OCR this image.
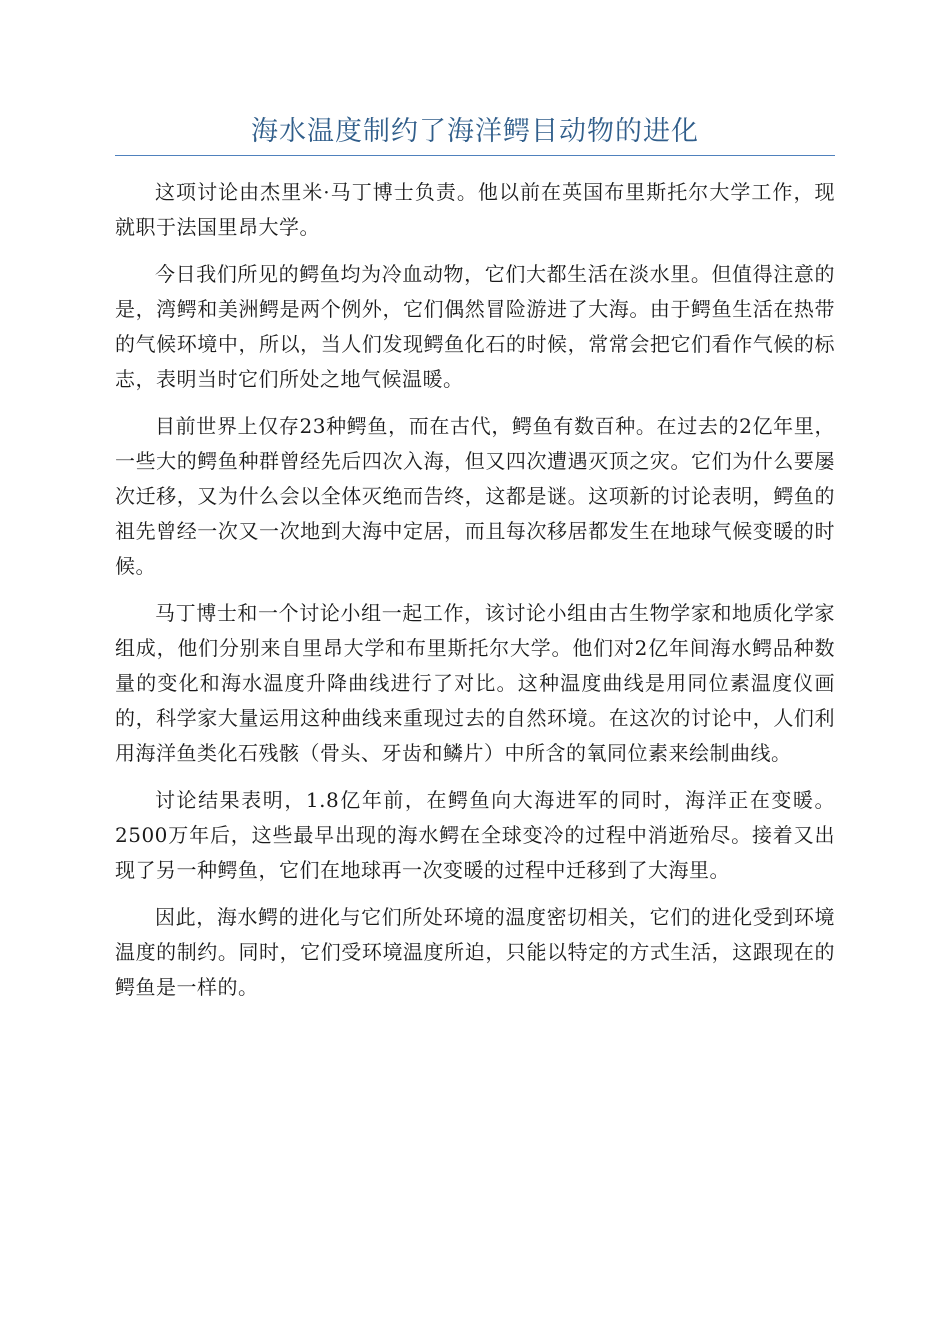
海水温度制约了海洋鳄目动物的进化

这项讨论由杰里米·马丁博士负责。他以前在英国布里斯托尔大学工作，现就职于法国里昂大学。

今日我们所见的鳄鱼均为冷血动物，它们大都生活在淡水里。但值得注意的是，湾鳄和美洲鳄是两个例外，它们偶然冒险游进了大海。由于鳄鱼生活在热带的气候环境中，所以，当人们发现鳄鱼化石的时候，常常会把它们看作气候的标志，表明当时它们所处之地气候温暖。

目前世界上仅存23种鳄鱼，而在古代，鳄鱼有数百种。在过去的2亿年里，一些大的鳄鱼种群曾经先后四次入海，但又四次遭遇灭顶之灾。它们为什么要屡次迁移，又为什么会以全体灭绝而告终，这都是谜。这项新的讨论表明，鳄鱼的祖先曾经一次又一次地到大海中定居，而且每次移居都发生在地球气候变暖的时候。

马丁博士和一个讨论小组一起工作，该讨论小组由古生物学家和地质化学家组成，他们分别来自里昂大学和布里斯托尔大学。他们对2亿年间海水鳄品种数量的变化和海水温度升降曲线进行了对比。这种温度曲线是用同位素温度仪画的，科学家大量运用这种曲线来重现过去的自然环境。在这次的讨论中，人们利用海洋鱼类化石残骸（骨头、牙齿和鳞片）中所含的氧同位素来绘制曲线。

讨论结果表明，1.8亿年前，在鳄鱼向大海进军的同时，海洋正在变暖。2500万年后，这些最早出现的海水鳄在全球变冷的过程中消逝殆尽。接着又出现了另一种鳄鱼，它们在地球再一次变暖的过程中迁移到了大海里。

因此，海水鳄的进化与它们所处环境的温度密切相关，它们的进化受到环境温度的制约。同时，它们受环境温度所迫，只能以特定的方式生活，这跟现在的鳄鱼是一样的。
